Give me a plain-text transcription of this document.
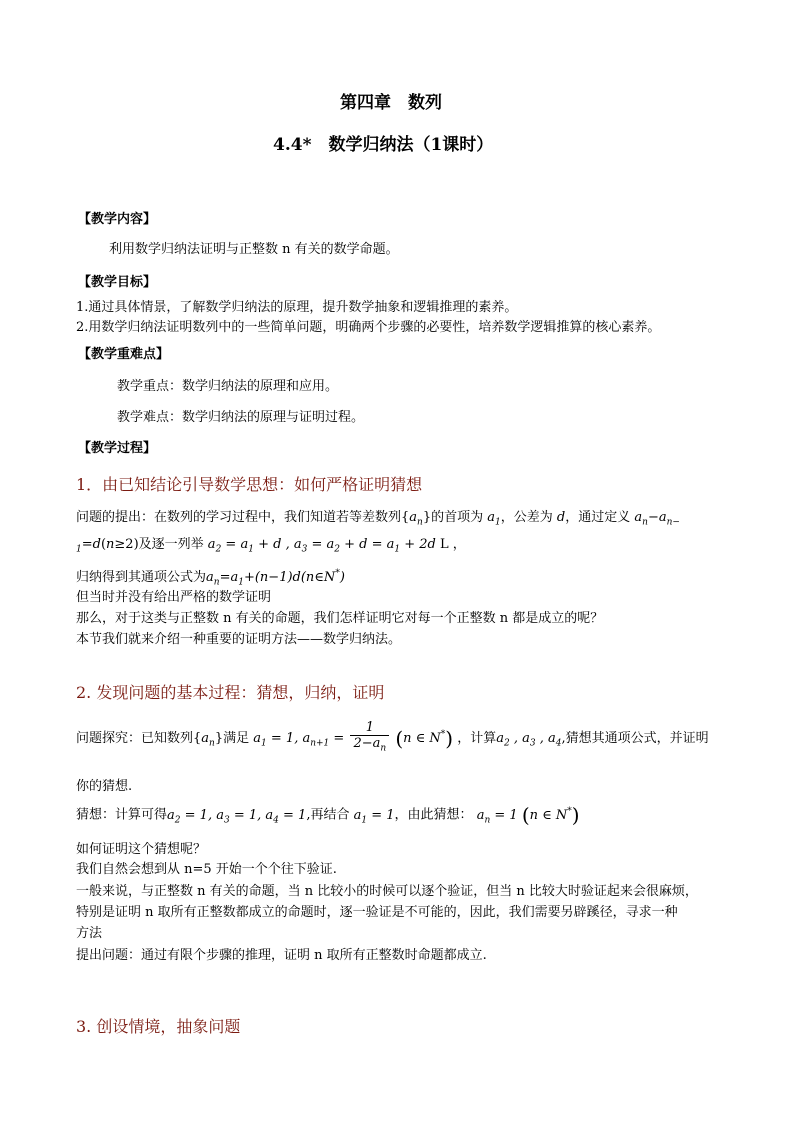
第四章　数列
4.4*　数学归纳法（1课时）
【教学内容】
利用数学归纳法证明与正整数 n 有关的数学命题。
【教学目标】
1.通过具体情景，了解数学归纳法的原理，提升数学抽象和逻辑推理的素养。
2.用数学归纳法证明数列中的一些简单问题，明确两个步骤的必要性，培养数学逻辑推算的核心素养。
【教学重难点】
教学重点：数学归纳法的原理和应用。
教学难点：数学归纳法的原理与证明过程。
【教学过程】
1．由已知结论引导数学思想：如何严格证明猜想
问题的提出：在数列的学习过程中，我们知道若等差数列$\{a_n\}$的首项为 $a_1$，公差为 d，通过定义 $a_n-a_{n-}$
$_1$=d(n≥2)及逐一列举 $a_2 = a_1 + d$ , $a_3 = a_2 + d = a_1 + 2d$ L ，
归纳得到其通项公式为$a_n=a_1+(n-1)d(n\in N^*)$
但当时并没有给出严格的数学证明
那么，对于这类与正整数 n 有关的命题，我们怎样证明它对每一个正整数 n 都是成立的呢？
本节我们就来介绍一种重要的证明方法——数学归纳法。
2. 发现问题的基本过程：猜想，归纳，证明
问题探究：已知数列$\{a_n\}$满足 $a_1 = 1$, $a_{n+1} = \frac{1}{2-a_n} (n$ ∈ N*) ，计算$a_2$ , $a_3$ , $a_4$,猜想其通项公式，并证明
你的猜想.
猜想：计算可得$a_2 = 1$, $a_3 = 1$, $a_4 = 1$,再结合 $a_1 = 1$，由此猜想： $a_n = 1$ (n ∈ N*)
如何证明这个猜想呢？
我们自然会想到从 n=5 开始一个个往下验证.
一般来说，与正整数 n 有关的命题，当 n 比较小的时候可以逐个验证，但当 n 比较大时验证起来会很麻烦，
特别是证明 n 取所有正整数都成立的命题时，逐一验证是不可能的，因此，我们需要另辟蹊径，寻求一种
方法
提出问题：通过有限个步骤的推理，证明 n 取所有正整数时命题都成立.
3. 创设情境，抽象问题
